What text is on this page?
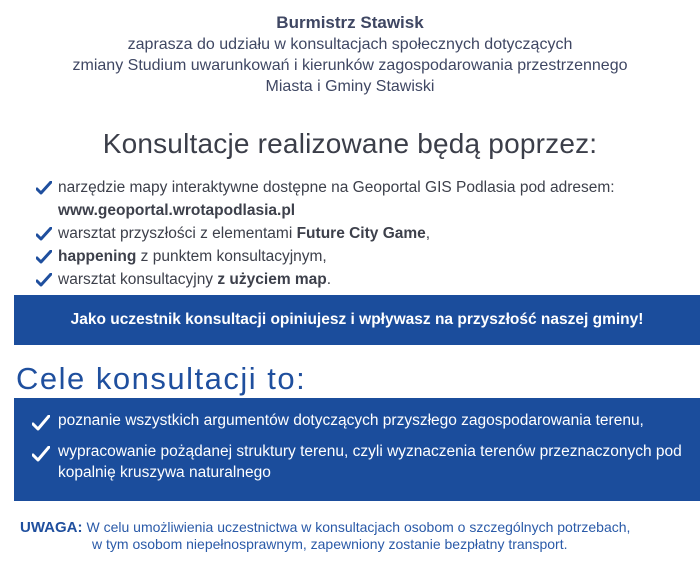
Burmistrz Stawisk
zaprasza do udziału w konsultacjach społecznych dotyczących
zmiany Studium uwarunkowań i kierunków zagospodarowania przestrzennego
Miasta i Gminy Stawiski
Konsultacje realizowane będą poprzez:
narzędzie mapy interaktywne dostępne na Geoportal GIS Podlasia pod adresem:
www.geoportal.wrotapodlasia.pl
warsztat przyszłości z elementami Future City Game,
happening z punktem konsultacyjnym,
warsztat konsultacyjny z użyciem map.
Jako uczestnik konsultacji opiniujesz i wpływasz na przyszłość naszej gminy!
Cele konsultacji to:
poznanie wszystkich argumentów dotyczących przyszłego zagospodarowania terenu,
wypracowanie pożądanej struktury terenu, czyli wyznaczenia terenów przeznaczonych pod kopalnię kruszywa naturalnego
UWAGA: W celu umożliwienia uczestnictwa w konsultacjach osobom o szczególnych potrzebach,
w tym osobom niepełnosprawnym, zapewniony zostanie bezpłatny transport.
